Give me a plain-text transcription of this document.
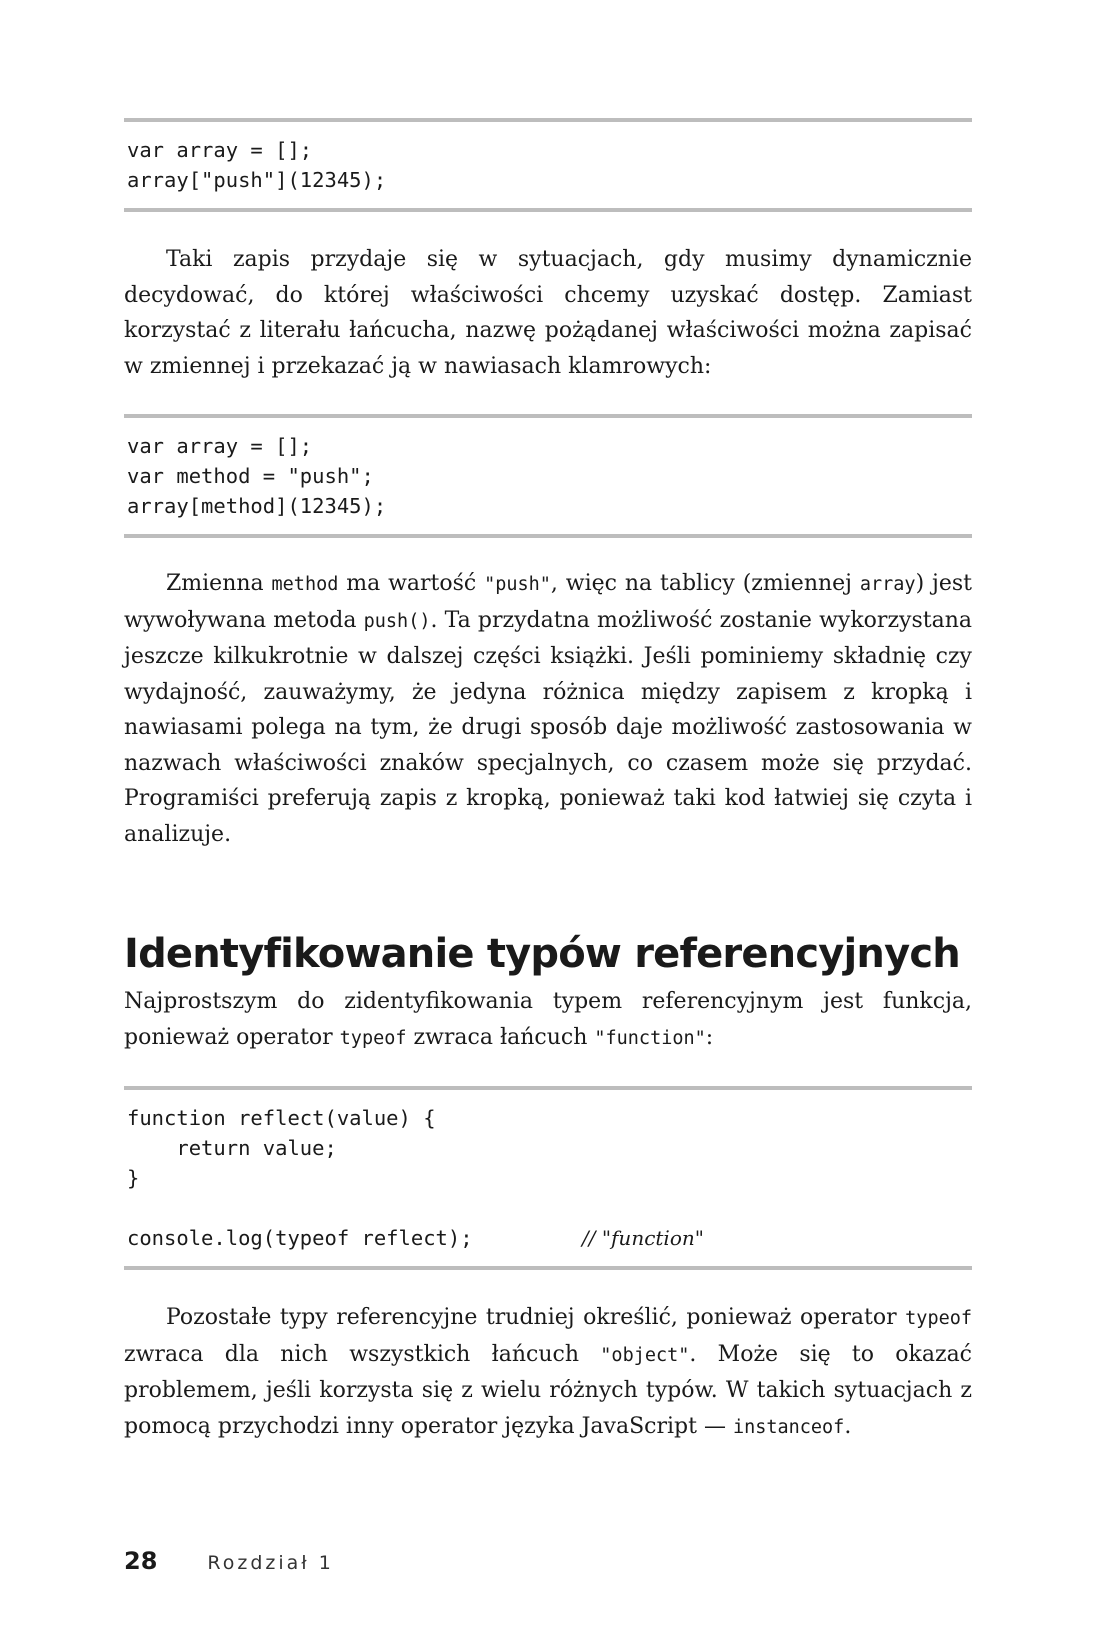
var array = [];
array["push"](12345);

Taki zapis przydaje się w sytuacjach, gdy musimy dynamicznie decydować, do której właściwości chcemy uzyskać dostęp. Zamiast korzystać z literału łańcucha, nazwę pożądanej właściwości można zapisać w zmiennej i przekazać ją w nawiasach klamrowych:

var array = [];
var method = "push";
array[method](12345);

Zmienna method ma wartość "push", więc na tablicy (zmiennej array) jest wywoływana metoda push(). Ta przydatna możliwość zostanie wykorzystana jeszcze kilkukrotnie w dalszej części książki. Jeśli pominiemy składnię czy wydajność, zauważymy, że jedyna różnica między zapisem z kropką i nawiasami polega na tym, że drugi sposób daje możliwość zastosowania w nazwach właściwości znaków specjalnych, co czasem może się przydać. Programiści preferują zapis z kropką, ponieważ taki kod łatwiej się czyta i analizuje.

Identyfikowanie typów referencyjnych

Najprostszym do zidentyfikowania typem referencyjnym jest funkcja, ponieważ operator typeof zwraca łańcuch "function":

function reflect(value) {
return value;
}
console.log(typeof reflect);	// "function"

Pozostałe typy referencyjne trudniej określić, ponieważ operator typeof zwraca dla nich wszystkich łańcuch "object". Może się to okazać problemem, jeśli korzysta się z wielu różnych typów. W takich sytuacjach z pomocą przychodzi inny operator języka JavaScript — instanceof.

28	Rozdział 1
